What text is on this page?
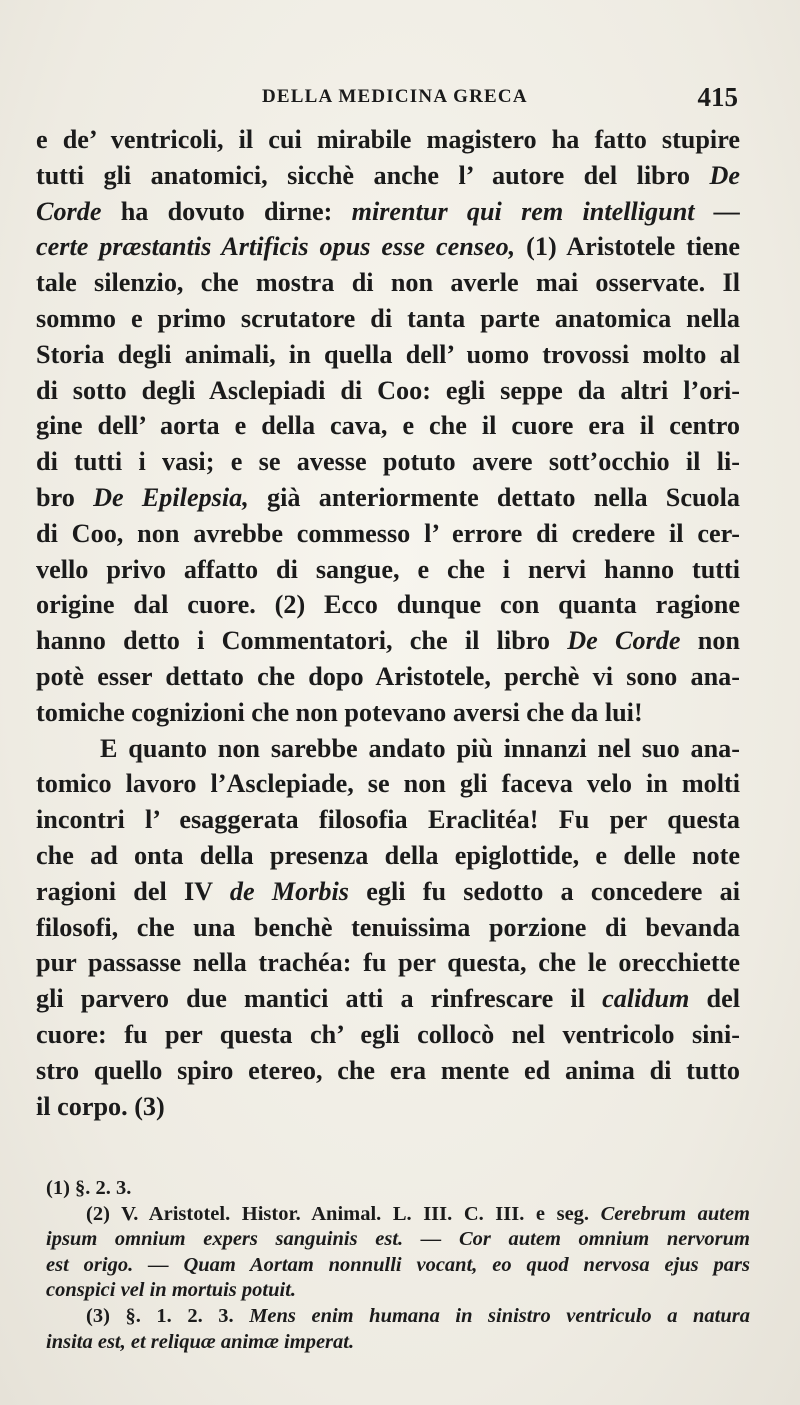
DELLA MEDICINA GRECA	415
e de’ ventricoli, il cui mirabile magistero ha fatto stupire
tutti gli anatomici, sicchè anche l’ autore del libro De
Corde ha dovuto dirne: mirentur qui rem intelligunt —
certe præstantis Artificis opus esse censeo, (1) Aristotele tiene
tale silenzio, che mostra di non averle mai osservate. Il
sommo e primo scrutatore di tanta parte anatomica nella
Storia degli animali, in quella dell’ uomo trovossi molto al
di sotto degli Asclepiadi di Coo: egli seppe da altri l’ori-
gine dell’ aorta e della cava, e che il cuore era il centro
di tutti i vasi; e se avesse potuto avere sott’occhio il li-
bro De Epilepsia, già anteriormente dettato nella Scuola
di Coo, non avrebbe commesso l’ errore di credere il cer-
vello privo affatto di sangue, e che i nervi hanno tutti
origine dal cuore. (2) Ecco dunque con quanta ragione
hanno detto i Commentatori, che il libro De Corde non
potè esser dettato che dopo Aristotele, perchè vi sono ana-
tomiche cognizioni che non potevano aversi che da lui!
E quanto non sarebbe andato più innanzi nel suo ana-
tomico lavoro l’Asclepiade, se non gli faceva velo in molti
incontri l’ esaggerata filosofia Eraclitéa! Fu per questa
che ad onta della presenza della epiglottide, e delle note
ragioni del IV de Morbis egli fu sedotto a concedere ai
filosofi, che una benchè tenuissima porzione di bevanda
pur passasse nella trachéa: fu per questa, che le orecchiette
gli parvero due mantici atti a rinfrescare il calidum del
cuore: fu per questa ch’ egli collocò nel ventricolo sini-
stro quello spiro etereo, che era mente ed anima di tutto
il corpo. (3)
(1) §. 2. 3.
(2) V. Aristotel. Histor. Animal. L. III. C. III. e seg. Cerebrum autem
ipsum omnium expers sanguinis est. — Cor autem omnium nervorum
est origo. — Quam Aortam nonnulli vocant, eo quod nervosa ejus pars
conspici vel in mortuis potuit.
(3) §. 1. 2. 3. Mens enim humana in sinistro ventriculo a natura
insita est, et reliquæ animæ imperat.
